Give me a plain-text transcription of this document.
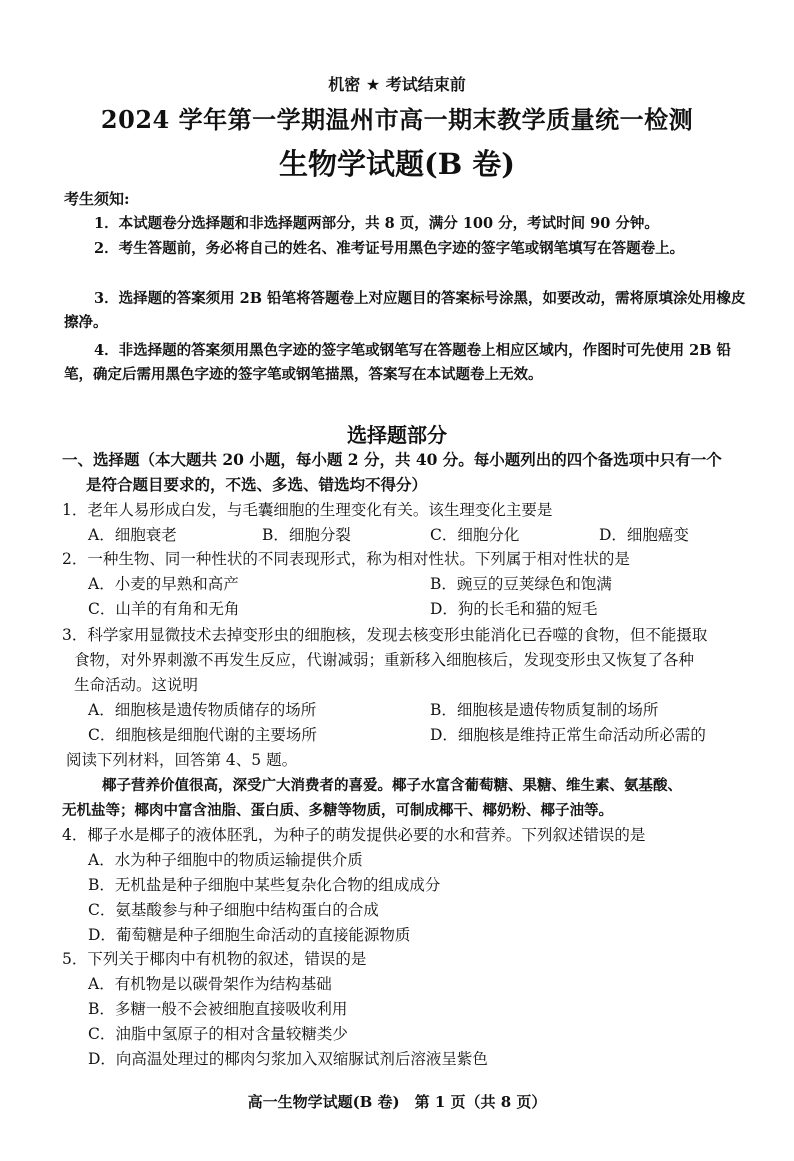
机密 ★ 考试结束前
2024 学年第一学期温州市高一期末教学质量统一检测
生物学试题(B 卷)
考生须知:
1．本试题卷分选择题和非选择题两部分，共 8 页，满分 100 分，考试时间 90 分钟。
2．考生答题前，务必将自己的姓名、准考证号用黑色字迹的签字笔或钢笔填写在答题卷上。
3．选择题的答案须用 2B 铅笔将答题卷上对应题目的答案标号涂黑，如要改动，需将原填涂处用橡皮擦净。
4．非选择题的答案须用黑色字迹的签字笔或钢笔写在答题卷上相应区域内，作图时可先使用 2B 铅笔，确定后需用黑色字迹的签字笔或钢笔描黑，答案写在本试题卷上无效。
选择题部分
一、选择题（本大题共 20 小题，每小题 2 分，共 40 分。每小题列出的四个备选项中只有一个
是符合题目要求的，不选、多选、错选均不得分）
1．老年人易形成白发，与毛囊细胞的生理变化有关。该生理变化主要是
A．细胞衰老	B．细胞分裂	C．细胞分化	D．细胞癌变
2．一种生物、同一种性状的不同表现形式，称为相对性状。下列属于相对性状的是
A．小麦的早熟和高产	B．豌豆的豆荚绿色和饱满
C．山羊的有角和无角	D．狗的长毛和猫的短毛
3．科学家用显微技术去掉变形虫的细胞核，发现去核变形虫能消化已吞噬的食物，但不能摄取
食物，对外界刺激不再发生反应，代谢减弱；重新移入细胞核后，发现变形虫又恢复了各种
生命活动。这说明
A．细胞核是遗传物质储存的场所	B．细胞核是遗传物质复制的场所
C．细胞核是细胞代谢的主要场所	D．细胞核是维持正常生命活动所必需的
阅读下列材料，回答第 4、5 题。
椰子营养价值很高，深受广大消费者的喜爱。椰子水富含葡萄糖、果糖、维生素、氨基酸、
无机盐等；椰肉中富含油脂、蛋白质、多糖等物质，可制成椰干、椰奶粉、椰子油等。
4．椰子水是椰子的液体胚乳，为种子的萌发提供必要的水和营养。下列叙述错误的是
A．水为种子细胞中的物质运输提供介质
B．无机盐是种子细胞中某些复杂化合物的组成成分
C．氨基酸参与种子细胞中结构蛋白的合成
D．葡萄糖是种子细胞生命活动的直接能源物质
5．下列关于椰肉中有机物的叙述，错误的是
A．有机物是以碳骨架作为结构基础
B．多糖一般不会被细胞直接吸收利用
C．油脂中氢原子的相对含量较糖类少
D．向高温处理过的椰肉匀浆加入双缩脲试剂后溶液呈紫色
高一生物学试题(B 卷)　第 1 页（共 8 页）
